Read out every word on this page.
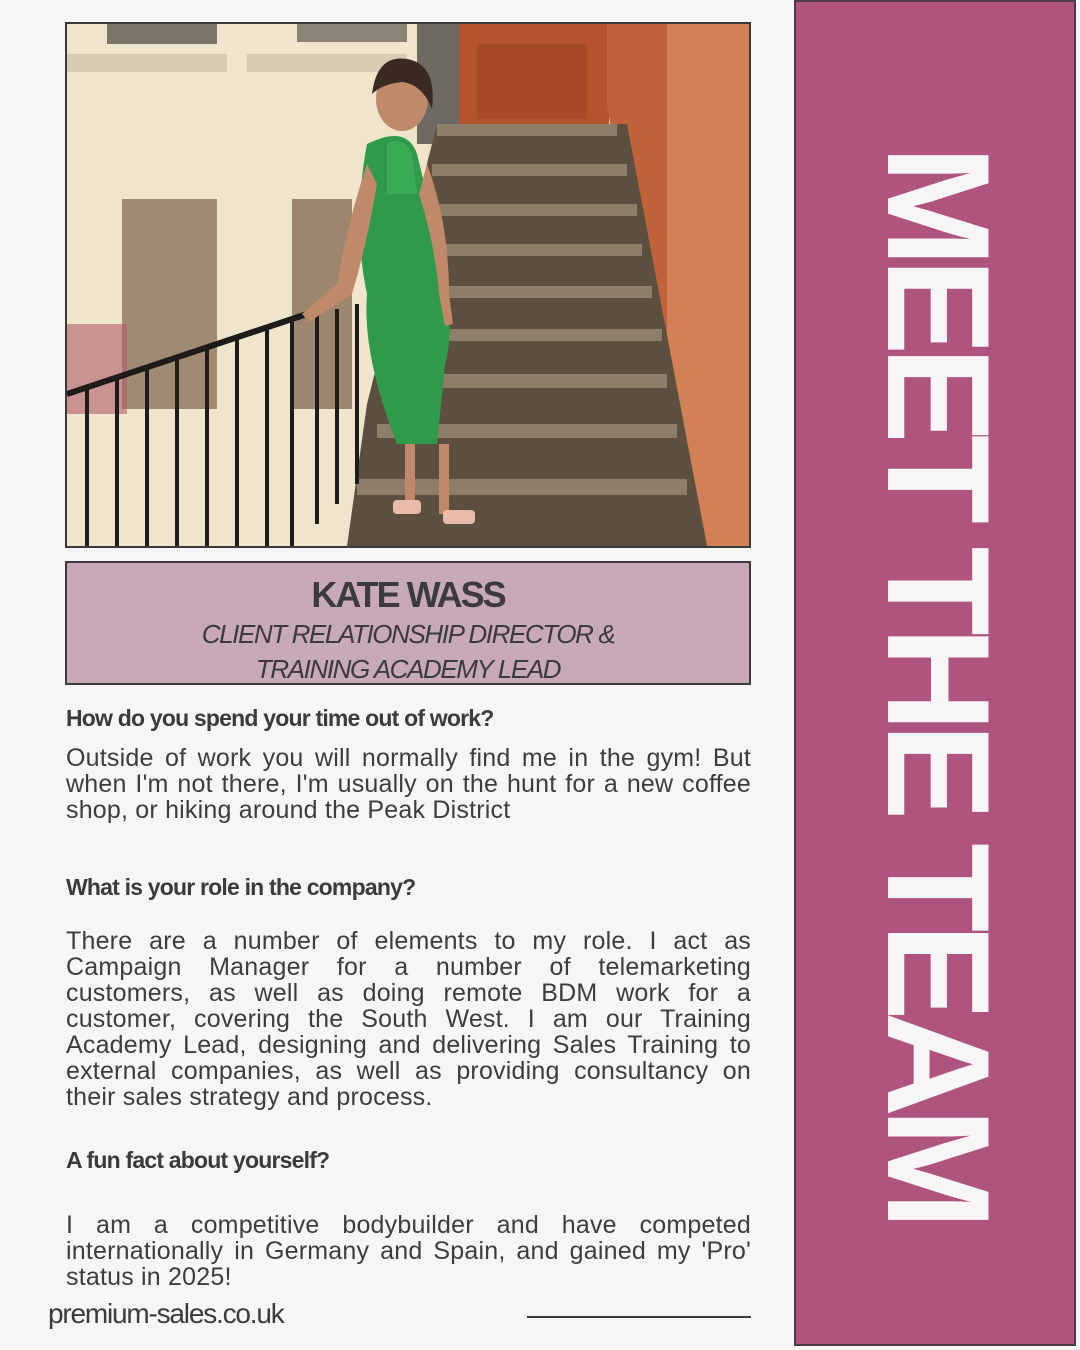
KATE WASS
CLIENT RELATIONSHIP DIRECTOR &
TRAINING ACADEMY LEAD
How do you spend your time out of work?
Outside of work you will normally find me in the gym! But when I'm not there, I'm usually on the hunt for a new coffee shop, or hiking around the Peak District
What is your role in the company?
There are a number of elements to my role. I act as Campaign Manager for a number of telemarketing customers, as well as doing remote BDM work for a customer, covering the South West. I am our Training Academy Lead, designing and delivering Sales Training to external companies, as well as providing consultancy on their sales strategy and process.
A fun fact about yourself?
I am a competitive bodybuilder and have competed internationally in Germany and Spain, and gained my 'Pro' status in 2025!
premium-sales.co.uk
MEET THE TEAM
